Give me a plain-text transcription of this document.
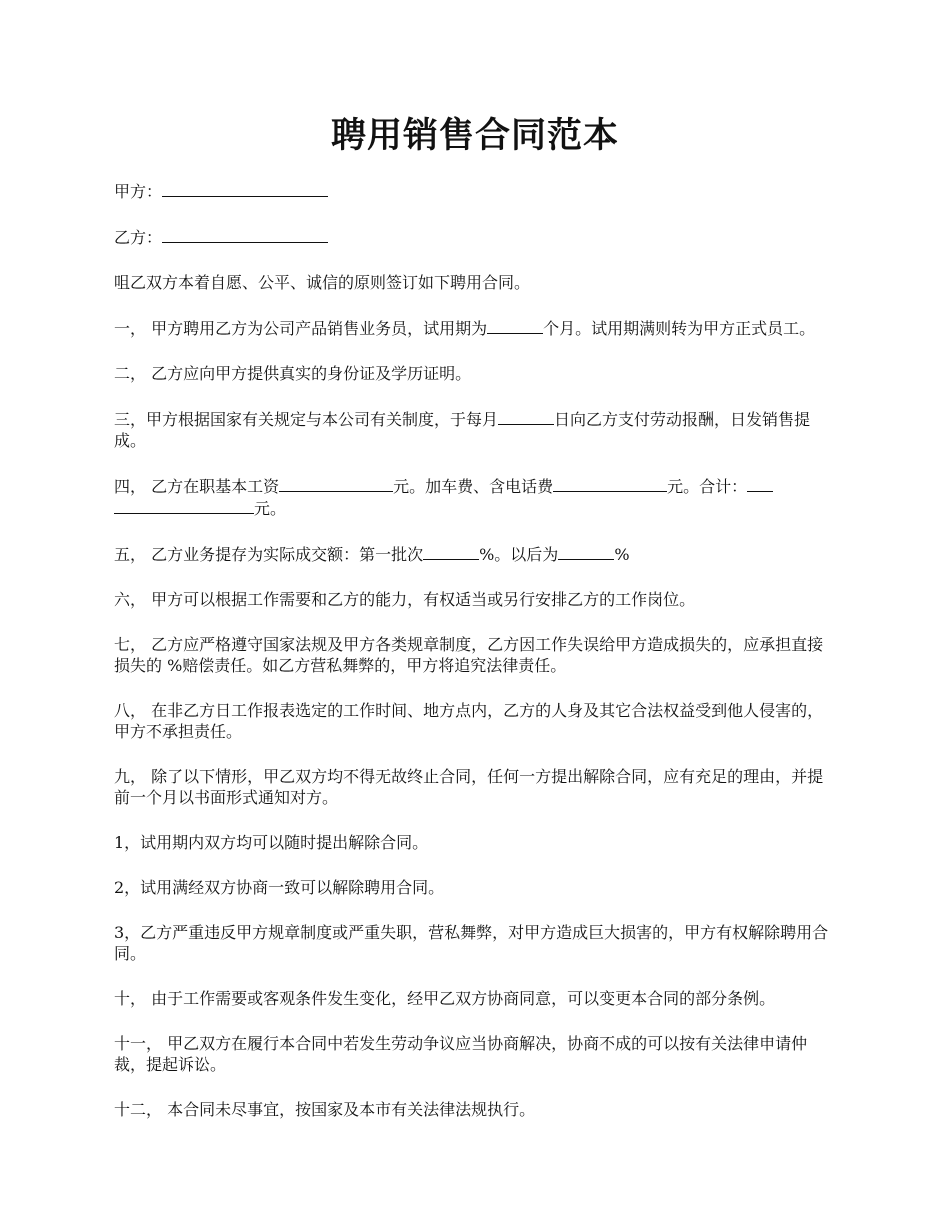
聘用销售合同范本

甲方：

乙方：

咀乙双方本着自愿、公平、诚信的原则签订如下聘用合同。

一， 甲方聘用乙方为公司产品销售业务员，试用期为	个月。试用期满则转为甲方正式员工。

二， 乙方应向甲方提供真实的身份证及学历证明。

三，甲方根据国家有关规定与本公司有关制度，于每月	日向乙方支付劳动报酬，日发销售提成。

四， 乙方在职基本工资	元。加车费、含电话费	元。合计：元。

五， 乙方业务提存为实际成交额：第一批次	%。以后为	%

六， 甲方可以根据工作需要和乙方的能力，有权适当或另行安排乙方的工作岗位。

七， 乙方应严格遵守国家法规及甲方各类规章制度，乙方因工作失误给甲方造成损失的，应承担直接损失的 %赔偿责任。如乙方营私舞弊的，甲方将追究法律责任。

八， 在非乙方日工作报表选定的工作时间、地方点内，乙方的人身及其它合法权益受到他人侵害的，甲方不承担责任。

九， 除了以下情形，甲乙双方均不得无故终止合同，任何一方提出解除合同，应有充足的理由，并提前一个月以书面形式通知对方。

1，试用期内双方均可以随时提出解除合同。

2，试用满经双方协商一致可以解除聘用合同。

3，乙方严重违反甲方规章制度或严重失职，营私舞弊，对甲方造成巨大损害的，甲方有权解除聘用合同。

十， 由于工作需要或客观条件发生变化，经甲乙双方协商同意，可以变更本合同的部分条例。

十一， 甲乙双方在履行本合同中若发生劳动争议应当协商解决，协商不成的可以按有关法律申请仲裁，提起诉讼。

十二， 本合同未尽事宜，按国家及本市有关法律法规执行。
